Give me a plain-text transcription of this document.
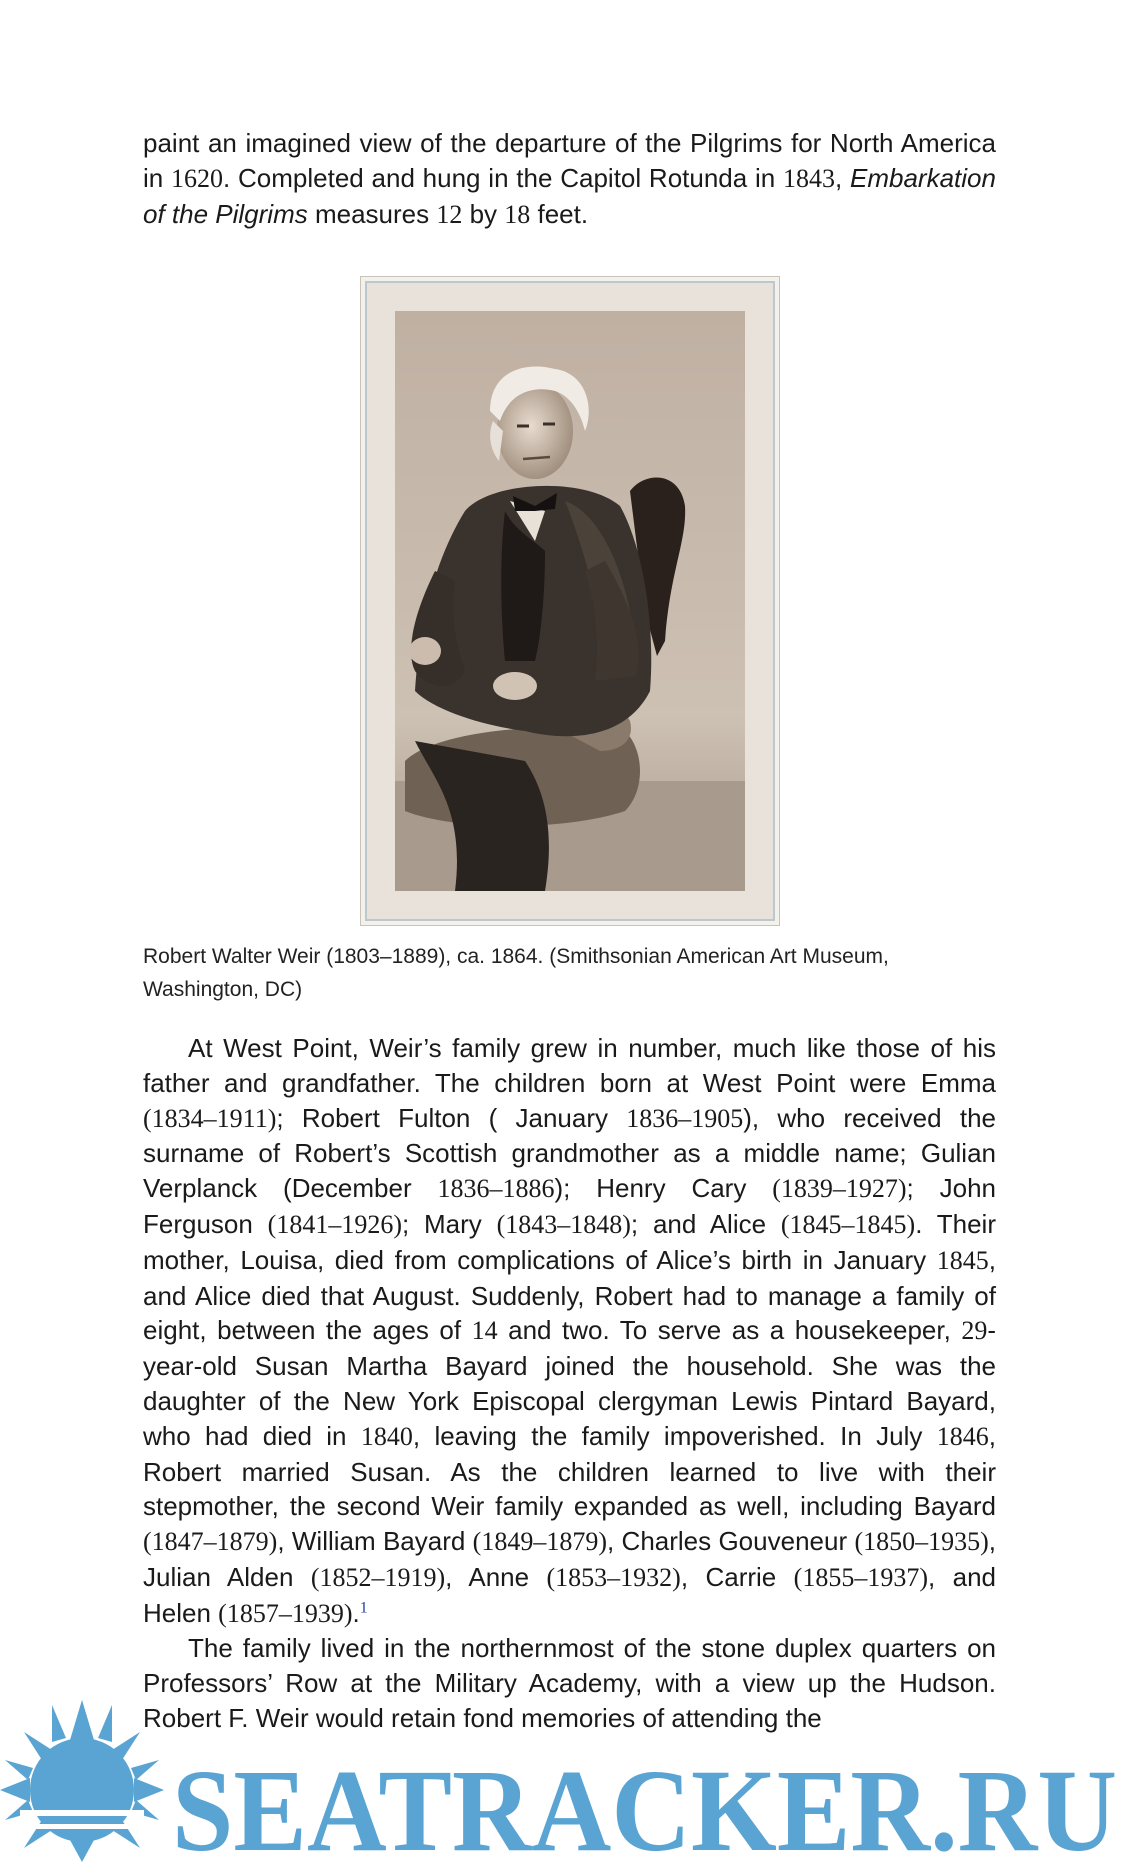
paint an imagined view of the departure of the Pilgrims for North America in 1620. Completed and hung in the Capitol Rotunda in 1843, Embarkation of the Pilgrims measures 12 by 18 feet.

Robert Walter Weir (1803–1889), ca. 1864. (Smithsonian American Art Museum, Washington, DC)

At West Point, Weir’s family grew in number, much like those of his father and grandfather. The children born at West Point were Emma (1834–1911); Robert Fulton ( January 1836–1905), who received the surname of Robert’s Scottish grandmother as a middle name; Gulian Verplanck (December 1836–1886); Henry Cary (1839–1927); John Ferguson (1841–1926); Mary (1843–1848); and Alice (1845–1845). Their mother, Louisa, died from complications of Alice’s birth in January 1845, and Alice died that August. Suddenly, Robert had to manage a family of eight, between the ages of 14 and two. To serve as a housekeeper, 29-year-old Susan Martha Bayard joined the household. She was the daughter of the New York Episcopal clergyman Lewis Pintard Bayard, who had died in 1840, leaving the family impoverished. In July 1846, Robert married Susan. As the children learned to live with their stepmother, the second Weir family expanded as well, including Bayard (1847–1879), William Bayard (1849–1879), Charles Gouveneur (1850–1935), Julian Alden (1852–1919), Anne (1853–1932), Carrie (1855–1937), and Helen (1857–1939).$^1$

The family lived in the northernmost of the stone duplex quarters on Professors’ Row at the Military Academy, with a view up the Hudson. Robert F. Weir would retain fond memories of attending the

SEATRACKER.RU
